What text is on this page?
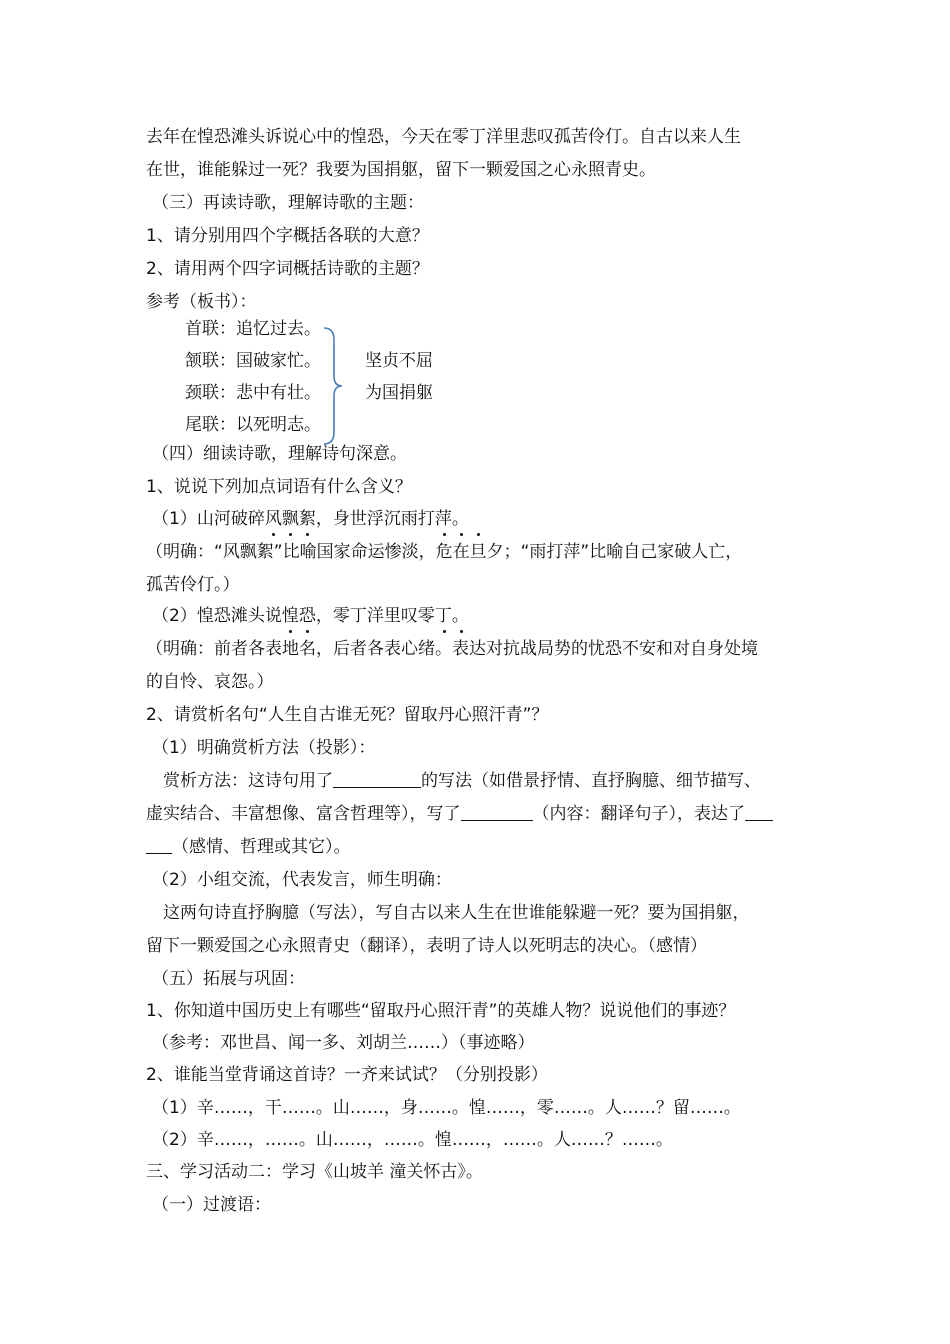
去年在惶恐滩头诉说心中的惶恐，今天在零丁洋里悲叹孤苦伶仃。自古以来人生
在世，谁能躲过一死？我要为国捐躯，留下一颗爱国之心永照青史。
（三）再读诗歌，理解诗歌的主题：
1、请分别用四个字概括各联的大意？
2、请用两个四字词概括诗歌的主题？
参考（板书）：
首联：追忆过去。
颔联：国破家忙。
颈联：悲中有壮。
尾联：以死明志。
坚贞不屈
为国捐躯
（四）细读诗歌，理解诗句深意。
1、说说下列加点词语有什么含义？
（1）山河破碎风飘絮，身世浮沉雨打萍。
（明确：“风飘絮”比喻国家命运惨淡，危在旦夕；“雨打萍”比喻自己家破人亡，
孤苦伶仃。）
（2）惶恐滩头说惶恐，零丁洋里叹零丁。
（明确：前者各表地名，后者各表心绪。表达对抗战局势的忧恐不安和对自身处境
的自怜、哀怨。）
2、请赏析名句“人生自古谁无死？留取丹心照汗青”？
（1）明确赏析方法（投影）：
赏析方法：这诗句用了	的写法（如借景抒情、直抒胸臆、细节描写、
虚实结合、丰富想像、富含哲理等），写了	（内容：翻译句子），表达了
（感情、哲理或其它）。
（2）小组交流，代表发言，师生明确：
这两句诗直抒胸臆（写法），写自古以来人生在世谁能躲避一死？要为国捐躯，
留下一颗爱国之心永照青史（翻译），表明了诗人以死明志的决心。（感情）
（五）拓展与巩固：
1、你知道中国历史上有哪些“留取丹心照汗青”的英雄人物？说说他们的事迹？
（参考：邓世昌、闻一多、刘胡兰……）（事迹略）
2、谁能当堂背诵这首诗？一齐来试试？（分别投影）
（1）辛……，干……。山……，身……。惶……，零……。人……？留……。
（2）辛……，……。山……，……。惶……，……。人……？……。
三、学习活动二：学习《山坡羊 潼关怀古》。
（一）过渡语：
